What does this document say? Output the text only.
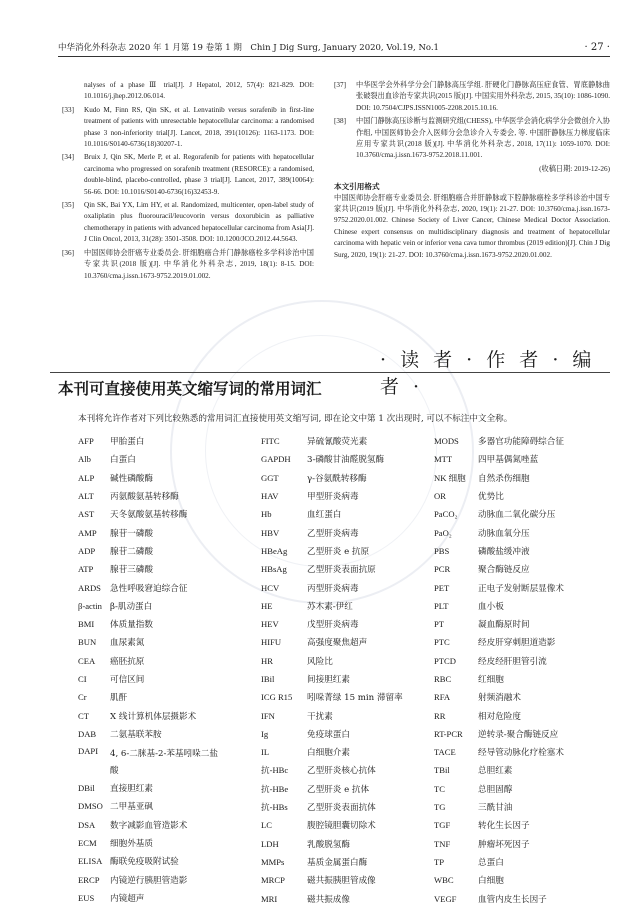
中华消化外科杂志 2020 年 1 月第 19 卷第 1 期　Chin J Dig Surg, January 2020, Vol.19, No.1	· 27 ·
nalyses of a phase Ⅲ trial[J]. J Hepatol, 2012, 57(4): 821-829. DOI: 10.1016/j.jhep.2012.06.014.
[33]	Kudo M, Finn RS, Qin SK, et al. Lenvatinib versus sorafenib in first-line treatment of patients with unresectable hepatocellular carcinoma: a randomised phase 3 non-inferiority trial[J]. Lancet, 2018, 391(10126): 1163-1173. DOI: 10.1016/S0140-6736(18)30207-1.
[34]	Bruix J, Qin SK, Merle P, et al. Regorafenib for patients with hepatocellular carcinoma who progressed on sorafenib treatment (RESORCE): a randomised, double-blind, placebo-controlled, phase 3 trial[J]. Lancet, 2017, 389(10064): 56-66. DOI: 10.1016/S0140-6736(16)32453-9.
[35]	Qin SK, Bai YX, Lim HY, et al. Randomized, multicenter, open-label study of oxaliplatin plus fluorouracil/leucovorin versus doxorubicin as palliative chemotherapy in patients with advanced hepatocellular carcinoma from Asia[J]. J Clin Oncol, 2013, 31(28): 3501-3508. DOI: 10.1200/JCO.2012.44.5643.
[36]	中国医师协会肝癌专业委员会. 肝细胞癌合并门静脉癌栓多学科诊治中国专家共识(2018 版)[J]. 中华消化外科杂志, 2019, 18(1): 8-15. DOI: 10.3760/cma.j.issn.1673-9752.2019.01.002.
[37]	中华医学会外科学分会门静脉高压学组. 肝硬化门静脉高压症食管、胃底静脉曲张破裂出血诊治专家共识(2015 版)[J]. 中国实用外科杂志, 2015, 35(10): 1086-1090. DOI: 10.7504/CJPS.ISSN1005-2208.2015.10.16.
[38]	中国门静脉高压诊断与监测研究组(CHESS), 中华医学会消化病学分会微创介入协作组, 中国医师协会介入医师分会急诊介入专委会, 等. 中国肝静脉压力梯度临床应用专家共识(2018 版)[J]. 中华消化外科杂志, 2018, 17(11): 1059-1070. DOI: 10.3760/cma.j.issn.1673-9752.2018.11.001.
(收稿日期: 2019-12-26)
本文引用格式
中国医师协会肝癌专业委员会. 肝细胞癌合并肝静脉或下腔静脉癌栓多学科诊治中国专家共识(2019 版)[J]. 中华消化外科杂志, 2020, 19(1): 21-27. DOI: 10.3760/cma.j.issn.1673-9752.2020.01.002. Chinese Society of Liver Cancer, Chinese Medical Doctor Association. Chinese expert consensus on multidisciplinary diagnosis and treatment of hepatocellular carcinoma with hepatic vein or inferior vena cava tumor thrombus (2019 edition)[J]. Chin J Dig Surg, 2020, 19(1): 21-27. DOI: 10.3760/cma.j.issn.1673-9752.2020.01.002.
· 读 者 · 作 者 · 编 者 ·
本刊可直接使用英文缩写词的常用词汇
本刊将允许作者对下列比较熟悉的常用词汇直接使用英文缩写词, 即在论文中第 1 次出现时, 可以不标注中文全称。
AFP	甲胎蛋白
Alb	白蛋白
ALP	碱性磷酸酶
ALT	丙氨酸氨基转移酶
AST	天冬氨酸氨基转移酶
AMP	腺苷一磷酸
ADP	腺苷二磷酸
ATP	腺苷三磷酸
ARDS	急性呼吸窘迫综合征
β-actin β-肌动蛋白
BMI	体质量指数
BUN	血尿素氮
CEA	癌胚抗原
CI	可信区间
Cr	肌酐
CT	X 线计算机体层摄影术
DAB	二氨基联苯胺
DAPI	4, 6-二脒基-2-苯基吲哚二盐酸
DBil	直接胆红素
DMSO 二甲基亚砜
DSA	数字减影血管造影术
ECM	细胞外基质
ELISA 酶联免疫吸附试验
ERCP	内镜逆行胰胆管造影
EUS	内镜超声
FITC	异硫氰酸荧光素
GAPDH	3-磷酸甘油醛脱氢酶
GGT	γ-谷氨酰转移酶
HAV	甲型肝炎病毒
Hb	血红蛋白
HBV	乙型肝炎病毒
HBeAg	乙型肝炎 e 抗原
HBsAg	乙型肝炎表面抗原
HCV	丙型肝炎病毒
HE	苏木素-伊红
HEV	戊型肝炎病毒
HIFU	高强度聚焦超声
HR	风险比
IBil	间接胆红素
ICG R15	吲哚菁绿 15 min 滞留率
IFN	干扰素
Ig	免疫球蛋白
IL	白细胞介素
抗-HBc	乙型肝炎核心抗体
抗-HBe	乙型肝炎 e 抗体
抗-HBs	乙型肝炎表面抗体
LC	腹腔镜胆囊切除术
LDH	乳酸脱氢酶
MMPs	基质金属蛋白酶
MRCP	磁共振胰胆管成像
MRI	磁共振成像
MODS	多器官功能障碍综合征
MTT	四甲基偶氮唑蓝
NK 细胞	自然杀伤细胞
OR	优势比
PaCO₂	动脉血二氧化碳分压
PaO₂	动脉血氧分压
PBS	磷酸盐缓冲液
PCR	聚合酶链反应
PET	正电子发射断层显像术
PLT	血小板
PT	凝血酶原时间
PTC	经皮肝穿刺胆道造影
PTCD	经皮经肝胆管引流
RBC	红细胞
RFA	射频消融术
RR	相对危险度
RT-PCR	逆转录-聚合酶链反应
TACE	经导管动脉化疗栓塞术
TBil	总胆红素
TC	总胆固醇
TG	三酰甘油
TGF	转化生长因子
TNF	肿瘤坏死因子
TP	总蛋白
WBC	白细胞
VEGF	血管内皮生长因子
